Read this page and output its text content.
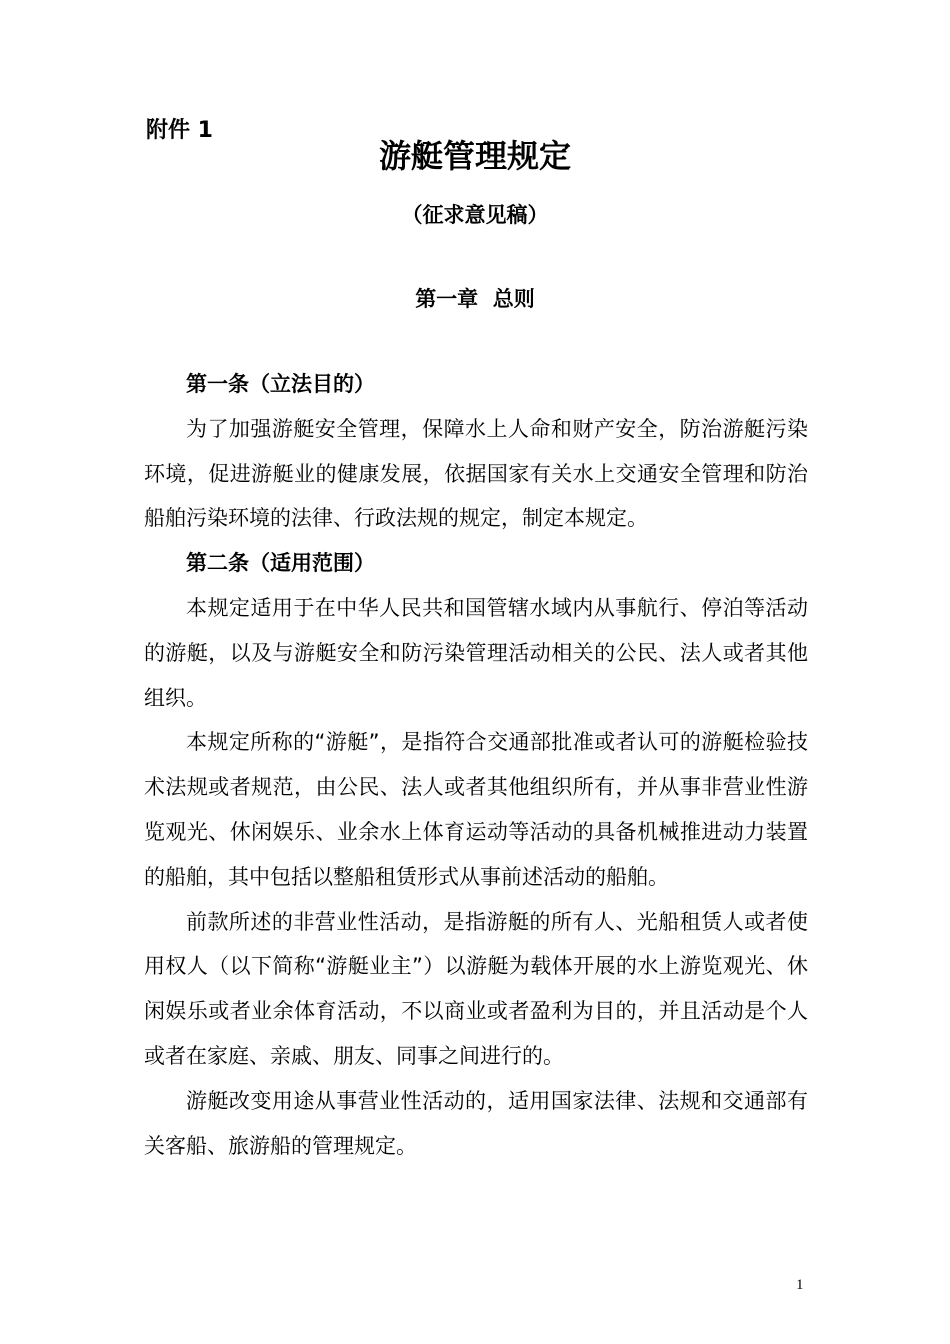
附件 1
游艇管理规定
（征求意见稿）
第一章  总则

第一条（立法目的）

为了加强游艇安全管理，保障水上人命和财产安全，防治游艇污染环境，促进游艇业的健康发展，依据国家有关水上交通安全管理和防治船舶污染环境的法律、行政法规的规定，制定本规定。

第二条（适用范围）

本规定适用于在中华人民共和国管辖水域内从事航行、停泊等活动的游艇，以及与游艇安全和防污染管理活动相关的公民、法人或者其他组织。

本规定所称的“游艇”，是指符合交通部批准或者认可的游艇检验技术法规或者规范，由公民、法人或者其他组织所有，并从事非营业性游览观光、休闲娱乐、业余水上体育运动等活动的具备机械推进动力装置的船舶，其中包括以整船租赁形式从事前述活动的船舶。

前款所述的非营业性活动，是指游艇的所有人、光船租赁人或者使用权人（以下简称“游艇业主”）以游艇为载体开展的水上游览观光、休闲娱乐或者业余体育活动，不以商业或者盈利为目的，并且活动是个人或者在家庭、亲戚、朋友、同事之间进行的。

游艇改变用途从事营业性活动的，适用国家法律、法规和交通部有关客船、旅游船的管理规定。

1
